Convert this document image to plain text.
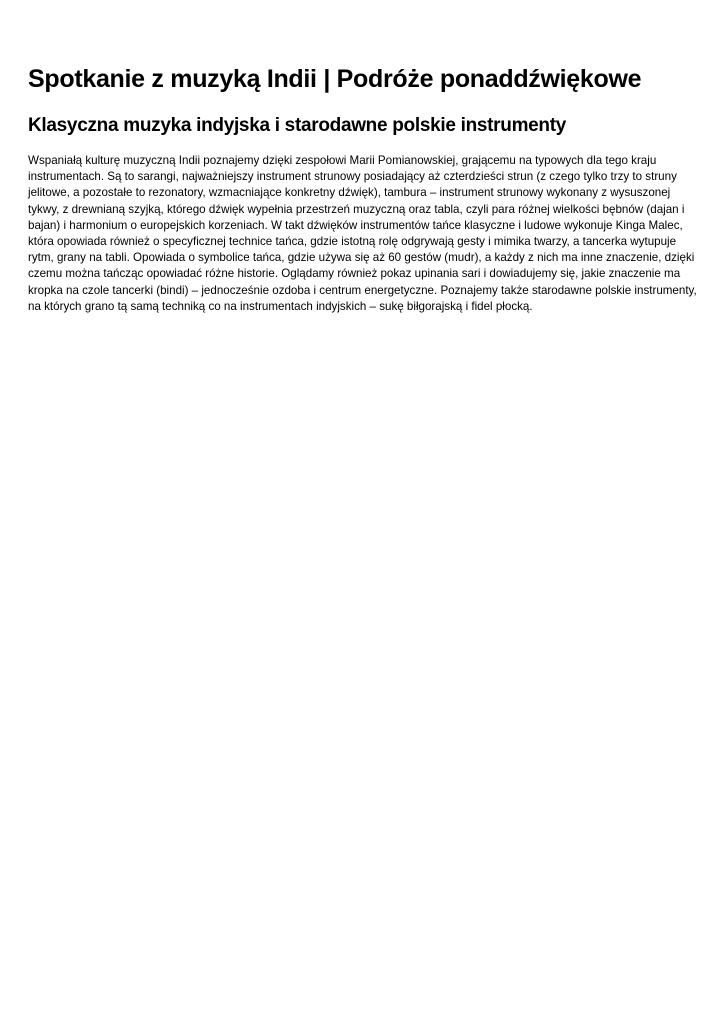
Spotkanie z muzyką Indii | Podróże ponaddźwiękowe
Klasyczna muzyka indyjska i starodawne polskie instrumenty

Wspaniałą kulturę muzyczną Indii poznajemy dzięki zespołowi Marii Pomianowskiej, grającemu na typowych dla tego kraju instrumentach. Są to sarangi, najważniejszy instrument strunowy posiadający aż czterdzieści strun (z czego tylko trzy to struny jelitowe, a pozostałe to rezonatory, wzmacniające konkretny dźwięk), tambura – instrument strunowy wykonany z wysuszonej tykwy, z drewnianą szyjką, którego dźwięk wypełnia przestrzeń muzyczną oraz tabla, czyli para różnej wielkości bębnów (dajan i bajan) i harmonium o europejskich korzeniach. W takt dźwięków instrumentów tańce klasyczne i ludowe wykonuje Kinga Malec, która opowiada również o specyficznej technice tańca, gdzie istotną rolę odgrywają gesty i mimika twarzy, a tancerka wytupuje rytm, grany na tabli. Opowiada o symbolice tańca, gdzie używa się aż 60 gestów (mudr), a każdy z nich ma inne znaczenie, dzięki czemu można tańcząc opowiadać różne historie. Oglądamy również pokaz upinania sari i dowiadujemy się, jakie znaczenie ma kropka na czole tancerki (bindi) – jednocześnie ozdoba i centrum energetyczne. Poznajemy także starodawne polskie instrumenty, na których grano tą samą techniką co na instrumentach indyjskich – sukę biłgorajską i fidel płocką.
